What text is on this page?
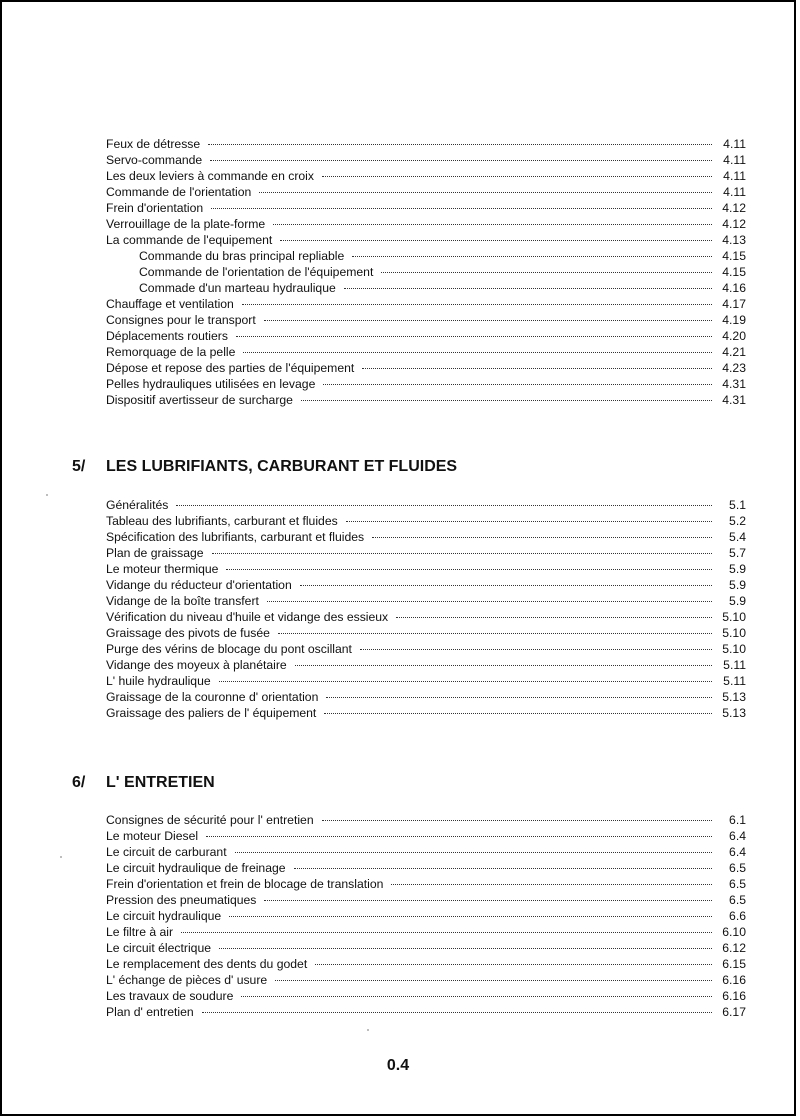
Feux de détresse	4.11
Servo-commande	4.11
Les deux leviers à commande en croix	4.11
Commande de l'orientation	4.11
Frein d'orientation	4.12
Verrouillage de la plate-forme	4.12
La commande de l'equipement	4.13
Commande du bras principal repliable	4.15
Commande de l'orientation de l'équipement	4.15
Commade d'un marteau hydraulique	4.16
Chauffage et ventilation	4.17
Consignes pour le transport	4.19
Déplacements routiers	4.20
Remorquage de la pelle	4.21
Dépose et repose des parties de l'équipement	4.23
Pelles hydrauliques utilisées en levage	4.31
Dispositif avertisseur de surcharge	4.31
5/	LES LUBRIFIANTS, CARBURANT ET FLUIDES
Généralités	5.1
Tableau des lubrifiants, carburant et fluides	5.2
Spécification des lubrifiants, carburant et fluides	5.4
Plan de graissage	5.7
Le moteur thermique	5.9
Vidange du réducteur d'orientation	5.9
Vidange de la boîte transfert	5.9
Vérification du niveau d'huile et vidange des essieux	5.10
Graissage des pivots de fusée	5.10
Purge des vérins de blocage du pont oscillant	5.10
Vidange des moyeux à planétaire	5.11
L' huile hydraulique	5.11
Graissage de la couronne d' orientation	5.13
Graissage des paliers de l' équipement	5.13
6/	L' ENTRETIEN
Consignes de sécurité pour l' entretien	6.1
Le moteur Diesel	6.4
Le circuit de carburant	6.4
Le circuit hydraulique de freinage	6.5
Frein d'orientation et frein de blocage de translation	6.5
Pression des pneumatiques	6.5
Le circuit hydraulique	6.6
Le filtre à air	6.10
Le circuit électrique	6.12
Le remplacement des dents du godet	6.15
L' échange de pièces d' usure	6.16
Les travaux de soudure	6.16
Plan d' entretien	6.17
0.4
